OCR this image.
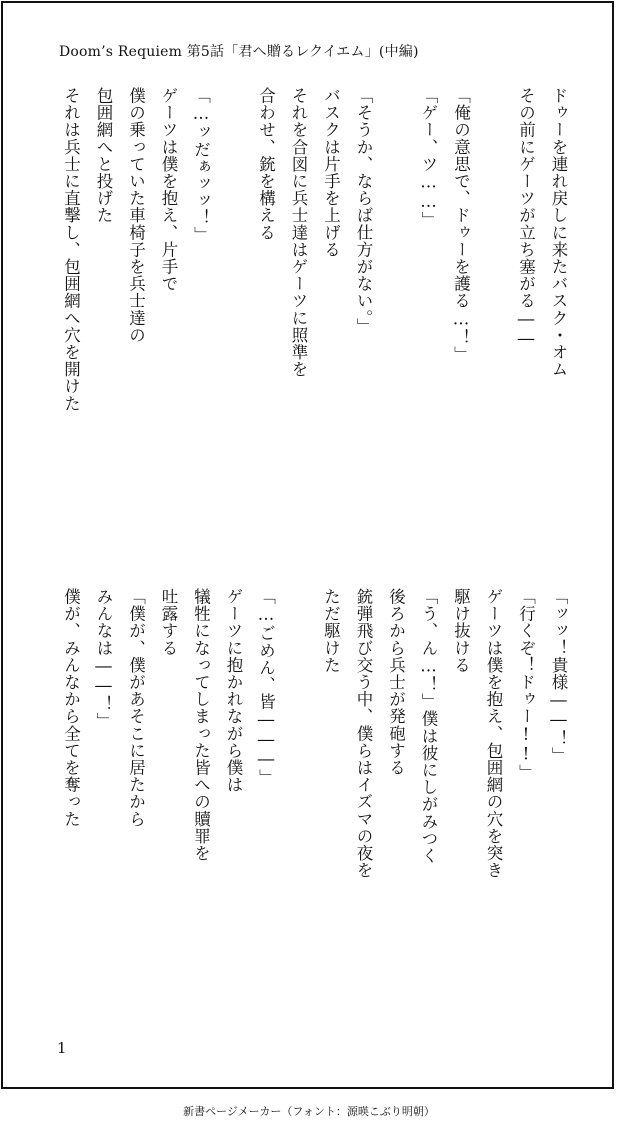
Doom’s Requiem 第5話「君へ贈るレクイエム」(中編)
ドゥーを連れ戻しに来たバスク・オム
その前にゲーツが立ち塞がる――
「俺の意思で、ドゥーを護る…！」
「ゲー、ツ……」
「そうか、ならば仕方がない。」
バスクは片手を上げる
それを合図に兵士達はゲーツに照準を
合わせ、銃を構える
「…ッだぁッッ！」
ゲーツは僕を抱え、片手で
僕の乗っていた車椅子を兵士達の
包囲網へと投げた
それは兵士に直撃し、包囲網へ穴を開けた
「ッッ！貴様――！」
「行くぞ！ドゥー!!」
ゲーツは僕を抱え、包囲網の穴を突き
駆け抜ける
「う、ん…！」僕は彼にしがみつく
後ろから兵士が発砲する
銃弾飛び交う中、僕らはイズマの夜を
ただ駆けた
「…ごめん、皆―――」
ゲーツに抱かれながら僕は
犠牲になってしまった皆への贖罪を
吐露する
「僕が、僕があそこに居たから
みんなは――！」
僕が、みんなから全てを奪った
1
新書ページメーカー（フォント：源暎こぶり明朝）
